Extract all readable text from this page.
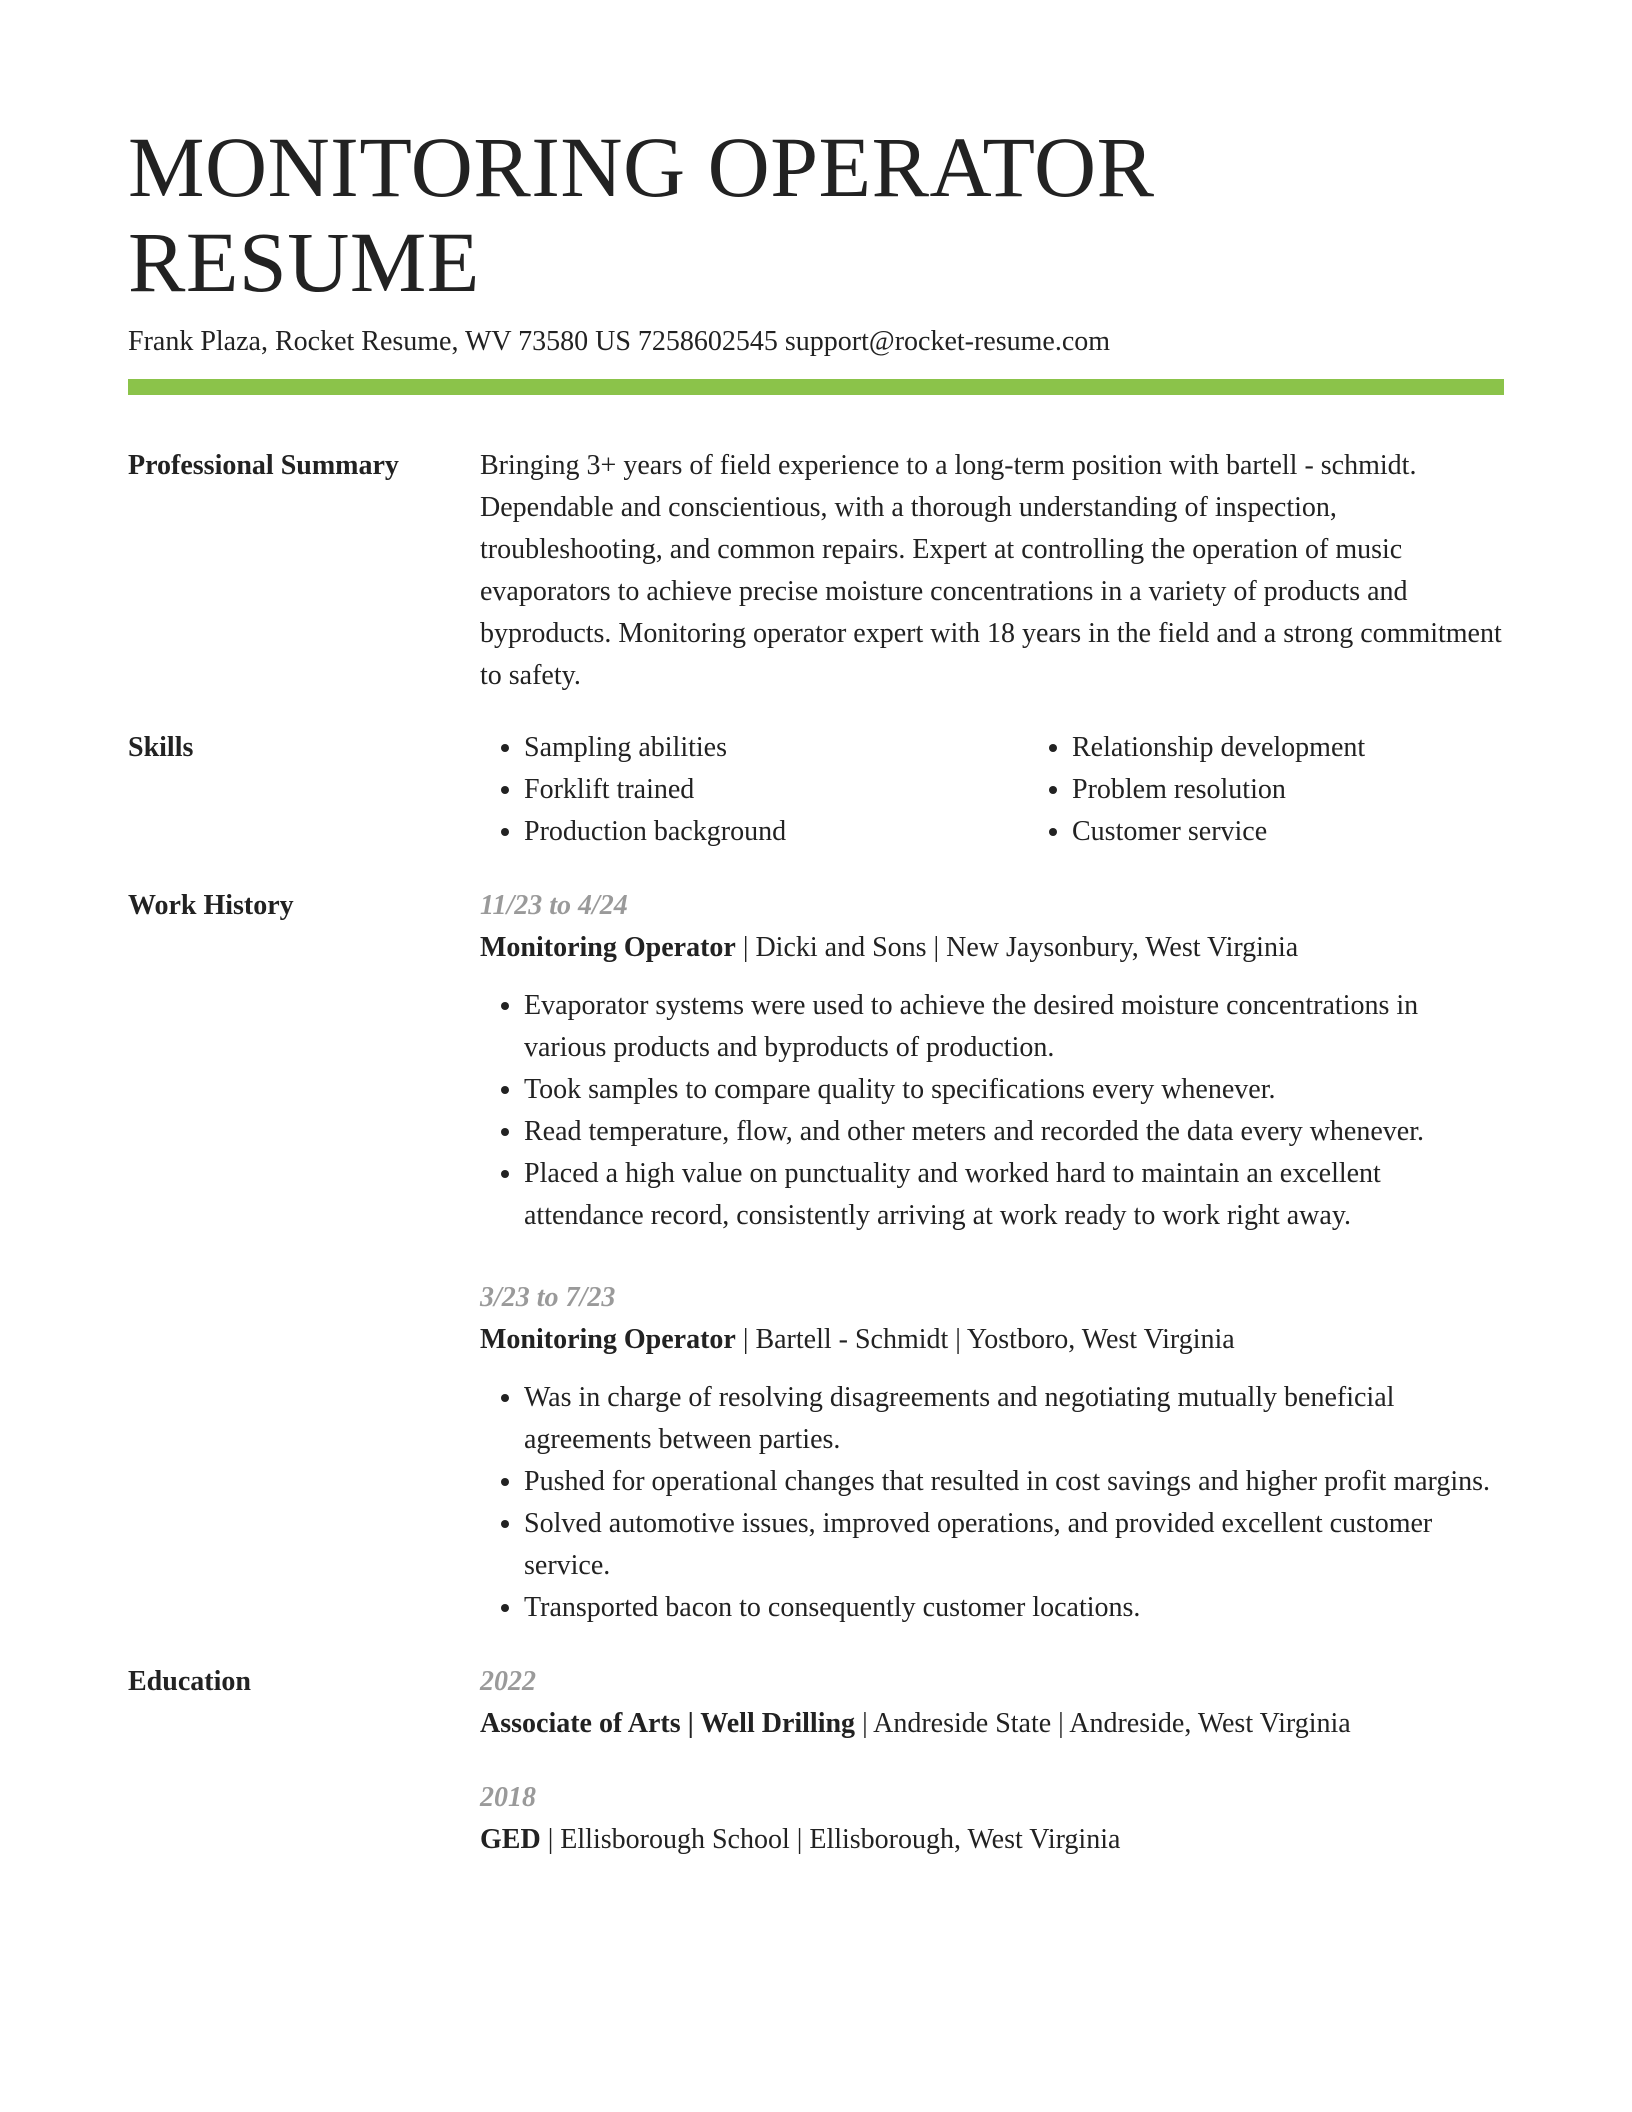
MONITORING OPERATOR RESUME
Frank Plaza, Rocket Resume, WV 73580 US 7258602545 support@rocket-resume.com
Professional Summary	Bringing 3+ years of field experience to a long-term position with bartell - schmidt. Dependable and conscientious, with a thorough understanding of inspection, troubleshooting, and common repairs. Expert at controlling the operation of music evaporators to achieve precise moisture concentrations in a variety of products and byproducts. Monitoring operator expert with 18 years in the field and a strong commitment to safety.
Skills
•	Sampling abilities
• Forklift trained
• Production background
• Relationship development
• Problem resolution
• Customer service
Work History	11/23 to 4/24
Monitoring Operator | Dicki and Sons | New Jaysonbury, West Virginia
• Evaporator systems were used to achieve the desired moisture concentrations in various products and byproducts of production.
• Took samples to compare quality to specifications every whenever.
• Read temperature, flow, and other meters and recorded the data every whenever.
• Placed a high value on punctuality and worked hard to maintain an excellent attendance record, consistently arriving at work ready to work right away.
3/23 to 7/23
Monitoring Operator | Bartell - Schmidt | Yostboro, West Virginia
• Was in charge of resolving disagreements and negotiating mutually beneficial agreements between parties.
• Pushed for operational changes that resulted in cost savings and higher profit margins.
• Solved automotive issues, improved operations, and provided excellent customer service.
• Transported bacon to consequently customer locations.
Education	2022
Associate of Arts | Well Drilling | Andreside State | Andreside, West Virginia
2018
GED | Ellisborough School | Ellisborough, West Virginia
